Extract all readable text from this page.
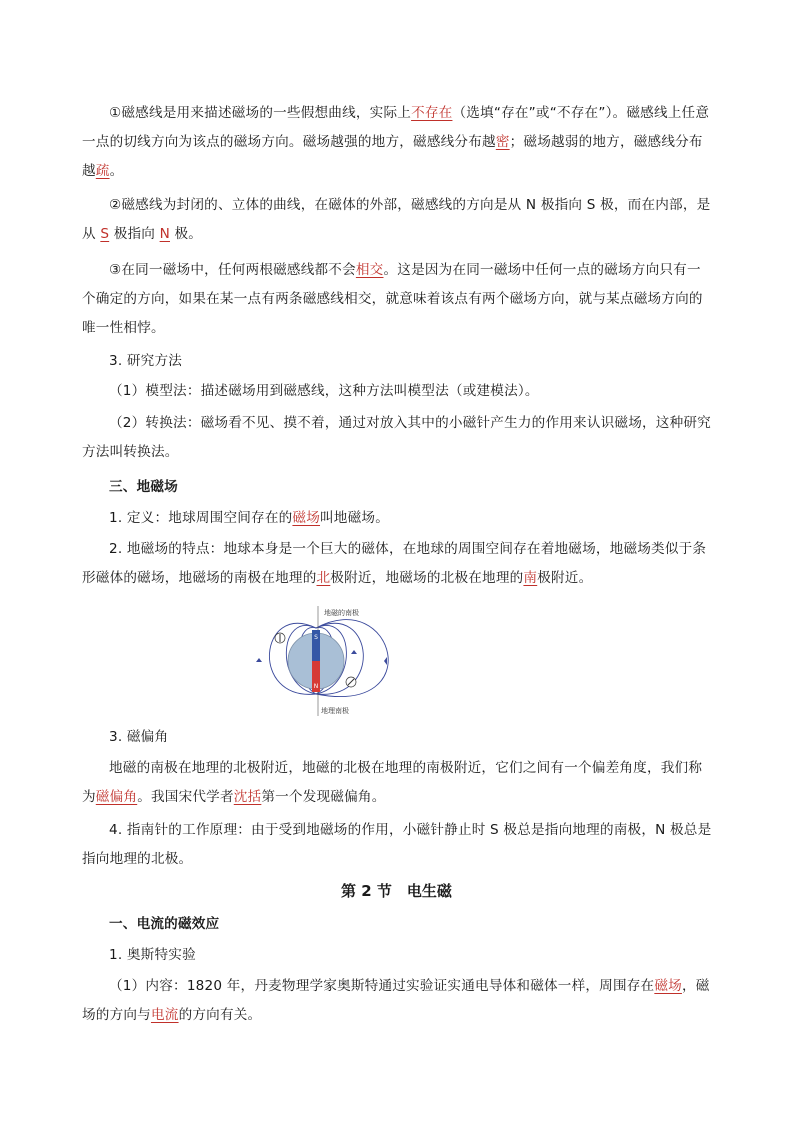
①磁感线是用来描述磁场的一些假想曲线，实际上不存在（选填“存在”或“不存在”）。磁感线上任意一点的切线方向为该点的磁场方向。磁场越强的地方，磁感线分布越密；磁场越弱的地方，磁感线分布越疏。

②磁感线为封闭的、立体的曲线，在磁体的外部，磁感线的方向是从 N 极指向 S 极，而在内部，是从 S 极指向 N 极。

③在同一磁场中，任何两根磁感线都不会相交。这是因为在同一磁场中任何一点的磁场方向只有一个确定的方向，如果在某一点有两条磁感线相交，就意味着该点有两个磁场方向，就与某点磁场方向的唯一性相悖。

3. 研究方法

（1）模型法：描述磁场用到磁感线，这种方法叫模型法（或建模法）。

（2）转换法：磁场看不见、摸不着，通过对放入其中的小磁针产生力的作用来认识磁场，这种研究方法叫转换法。

三、地磁场

1. 定义：地球周围空间存在的磁场叫地磁场。

2. 地磁场的特点：地球本身是一个巨大的磁体，在地球的周围空间存在着地磁场，地磁场类似于条形磁体的磁场，地磁场的南极在地理的北极附近，地磁场的北极在地理的南极附近。

S
N
地磁的南极
地理南极

3. 磁偏角

地磁的南极在地理的北极附近，地磁的北极在地理的南极附近，它们之间有一个偏差角度，我们称为磁偏角。我国宋代学者沈括第一个发现磁偏角。

4. 指南针的工作原理：由于受到地磁场的作用，小磁针静止时 S 极总是指向地理的南极，N 极总是指向地理的北极。

第 2 节　电生磁

一、电流的磁效应

1. 奥斯特实验

（1）内容：1820 年，丹麦物理学家奥斯特通过实验证实通电导体和磁体一样，周围存在磁场，磁场的方向与电流的方向有关。
